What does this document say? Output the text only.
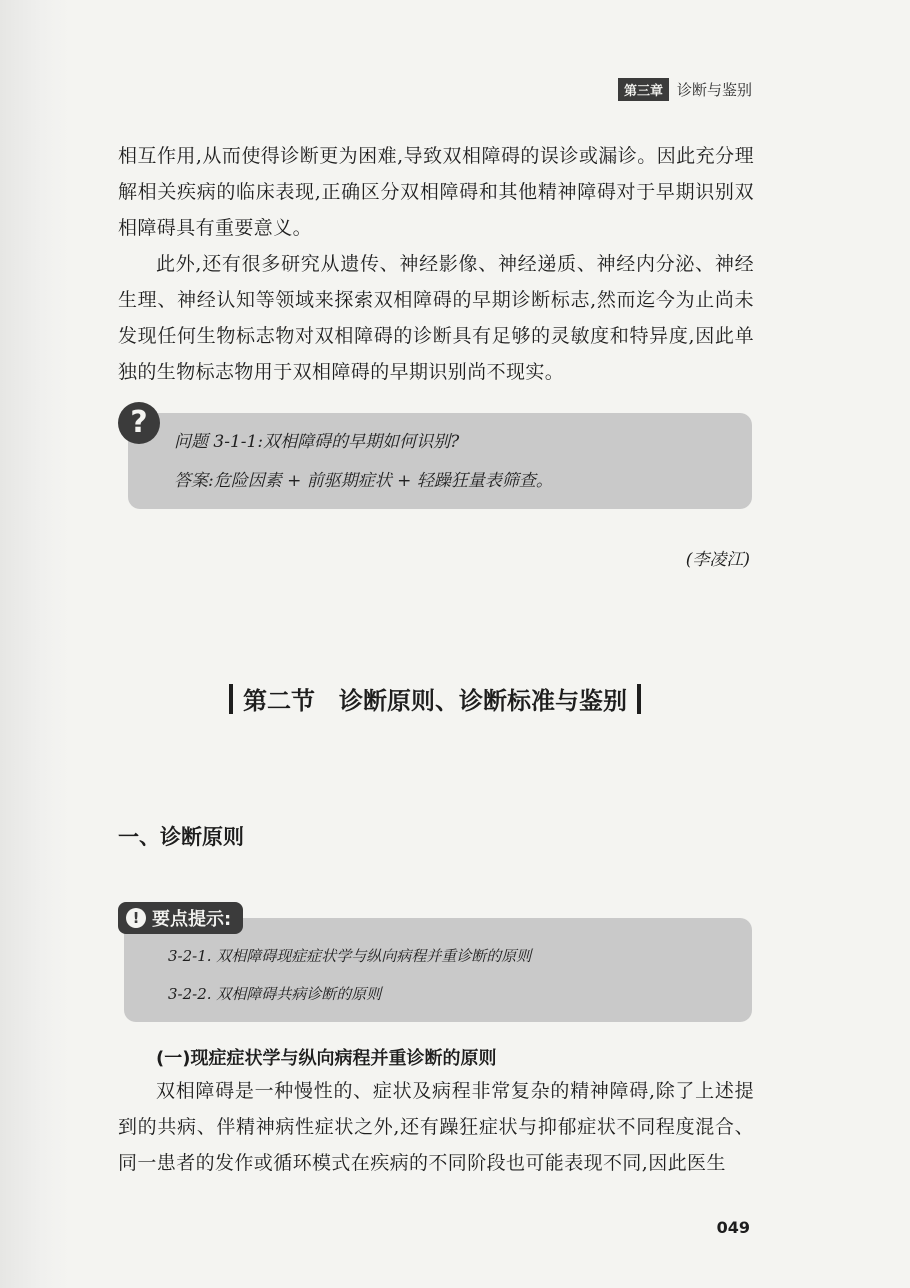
第三章 诊断与鉴别

相互作用,从而使得诊断更为困难,导致双相障碍的误诊或漏诊。因此充分理解相关疾病的临床表现,正确区分双相障碍和其他精神障碍对于早期识别双相障碍具有重要意义。

此外,还有很多研究从遗传、神经影像、神经递质、神经内分泌、神经生理、神经认知等领域来探索双相障碍的早期诊断标志,然而迄今为止尚未发现任何生物标志物对双相障碍的诊断具有足够的灵敏度和特异度,因此单独的生物标志物用于双相障碍的早期识别尚不现实。

?
问题 3-1-1:双相障碍的早期如何识别?
答案:危险因素 + 前驱期症状 + 轻躁狂量表筛查。
(李凌江)
第二节　诊断原则、诊断标准与鉴别
一、诊断原则
! 要点提示:
3-2-1. 双相障碍现症症状学与纵向病程并重诊断的原则
3-2-2. 双相障碍共病诊断的原则
(一)现症症状学与纵向病程并重诊断的原则
双相障碍是一种慢性的、症状及病程非常复杂的精神障碍,除了上述提到的共病、伴精神病性症状之外,还有躁狂症状与抑郁症状不同程度混合、同一患者的发作或循环模式在疾病的不同阶段也可能表现不同,因此医生
049
